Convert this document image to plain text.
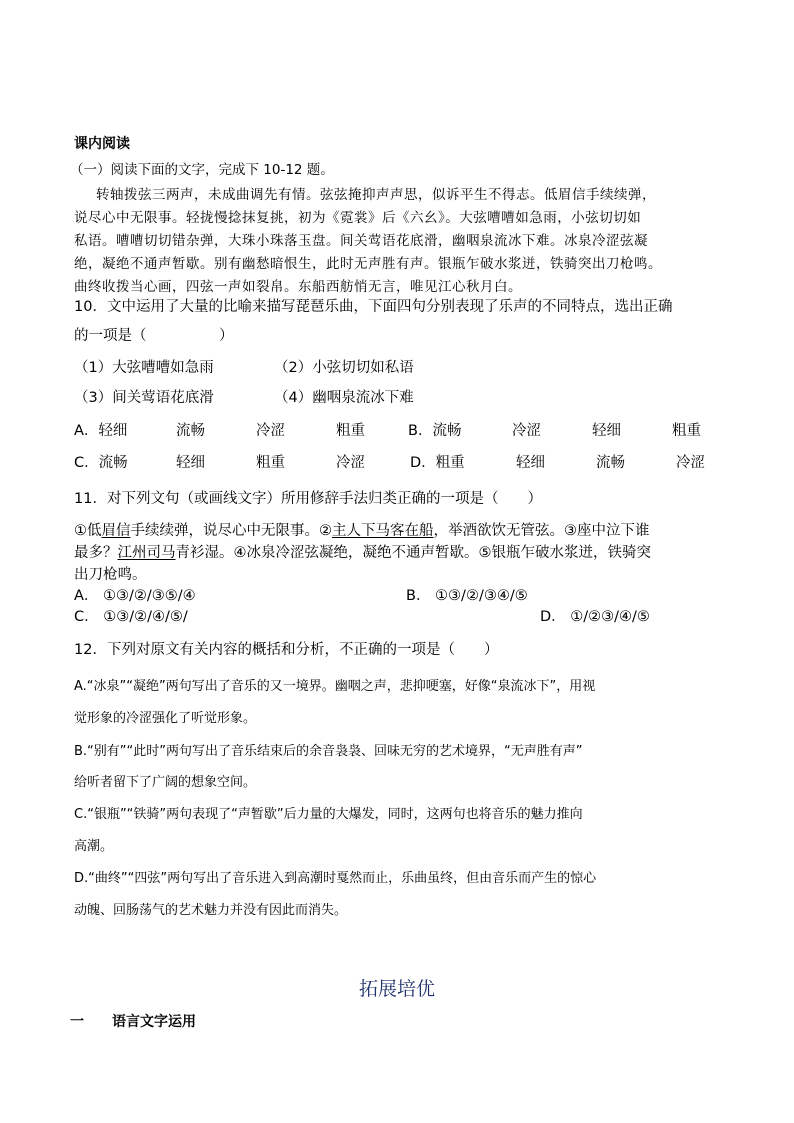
课内阅读
（一）阅读下面的文字，完成下 10-12 题。
转轴拨弦三两声，未成曲调先有情。弦弦掩抑声声思，似诉平生不得志。低眉信手续续弹，
说尽心中无限事。轻拢慢捻抹复挑，初为《霓裳》后《六幺》。大弦嘈嘈如急雨，小弦切切如
私语。嘈嘈切切错杂弹，大珠小珠落玉盘。间关莺语花底滑，幽咽泉流冰下难。冰泉冷涩弦凝
绝，凝绝不通声暂歇。别有幽愁暗恨生，此时无声胜有声。银瓶乍破水浆迸，铁骑突出刀枪鸣。
曲终收拨当心画，四弦一声如裂帛。东船西舫悄无言，唯见江心秋月白。
10．文中运用了大量的比喻来描写琵琶乐曲，下面四句分别表现了乐声的不同特点，选出正确
的一项是（　　　　　）
（1）大弦嘈嘈如急雨	（2）小弦切切如私语
（3）间关莺语花底滑	（4）幽咽泉流冰下难
A．轻细	流畅	冷涩	粗重	B．流畅	冷涩	轻细	粗重
C．流畅	轻细	粗重	冷涩	D．粗重	轻细	流畅	冷涩
11．对下列文句（或画线文字）所用修辞手法归类正确的一项是（　　）
①低眉信手续续弹，说尽心中无限事。②主人下马客在船，举酒欲饮无管弦。③座中泣下谁
最多？江州司马青衫湿。④冰泉冷涩弦凝绝，凝绝不通声暂歇。⑤银瓶乍破水浆迸，铁骑突
出刀枪鸣。
A． ①③/②/③⑤/④	B． ①③/②/③④/⑤
C． ①③/②/④/⑤/	D． ①/②③/④/⑤
12．下列对原文有关内容的概括和分析，不正确的一项是（　　）
A.“冰泉”“凝绝”两句写出了音乐的又一境界。幽咽之声，悲抑哽塞，好像“泉流冰下”，用视
觉形象的冷涩强化了听觉形象。
B.“别有”“此时”两句写出了音乐结束后的余音袅袅、回味无穷的艺术境界，“无声胜有声”
给听者留下了广阔的想象空间。
C.“银瓶”“铁骑”两句表现了“声暂歇”后力量的大爆发，同时，这两句也将音乐的魅力推向
高潮。
D.“曲终”“四弦”两句写出了音乐进入到高潮时戛然而止，乐曲虽终，但由音乐而产生的惊心
动魄、回肠荡气的艺术魅力并没有因此而消失。
拓展培优
一　　语言文字运用
